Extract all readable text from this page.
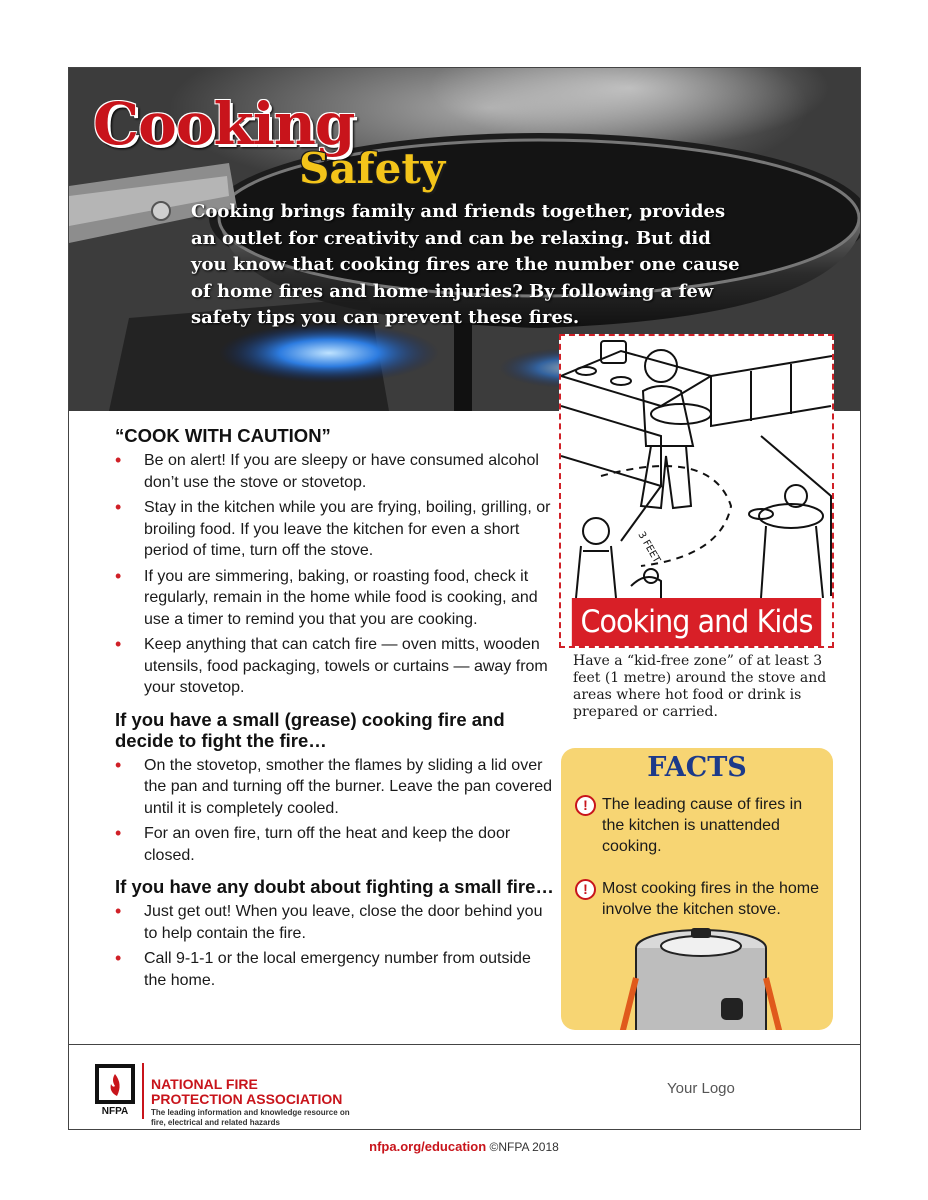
Cooking
Safety
Cooking brings family and friends together, provides an outlet for creativity and can be relaxing. But did you know that cooking fires are the number one cause of home fires and home injuries? By following a few safety tips you can prevent these fires.
“COOK WITH CAUTION”
• Be on alert! If you are sleepy or have consumed alcohol don’t use the stove or stovetop.
• Stay in the kitchen while you are frying, boiling, grilling, or broiling food. If you leave the kitchen for even a short period of time, turn off the stove.
• If you are simmering, baking, or roasting food, check it regularly, remain in the home while food is cooking, and use a timer to remind you that you are cooking.
• Keep anything that can catch fire — oven mitts, wooden utensils, food packaging, towels or curtains — away from your stovetop.
If you have a small (grease) cooking fire and decide to fight the fire…
• On the stovetop, smother the flames by sliding a lid over the pan and turning off the burner. Leave the pan covered until it is completely cooled.
• For an oven fire, turn off the heat and keep the door closed.
If you have any doubt about fighting a small fire…
• Just get out! When you leave, close the door behind you to help contain the fire.
• Call 9-1-1 or the local emergency number from outside the home.
3 FEET
Cooking and Kids
Have a “kid-free zone” of at least 3 feet (1 metre) around the stove and areas where hot food or drink is prepared or carried.
FACTS
! The leading cause of fires in the kitchen is unattended cooking.
! Most cooking fires in the home involve the kitchen stove.
NFPA
NATIONAL FIRE PROTECTION ASSOCIATION
The leading information and knowledge resource on fire, electrical and related hazards
Your Logo
nfpa.org/education ©NFPA 2018
